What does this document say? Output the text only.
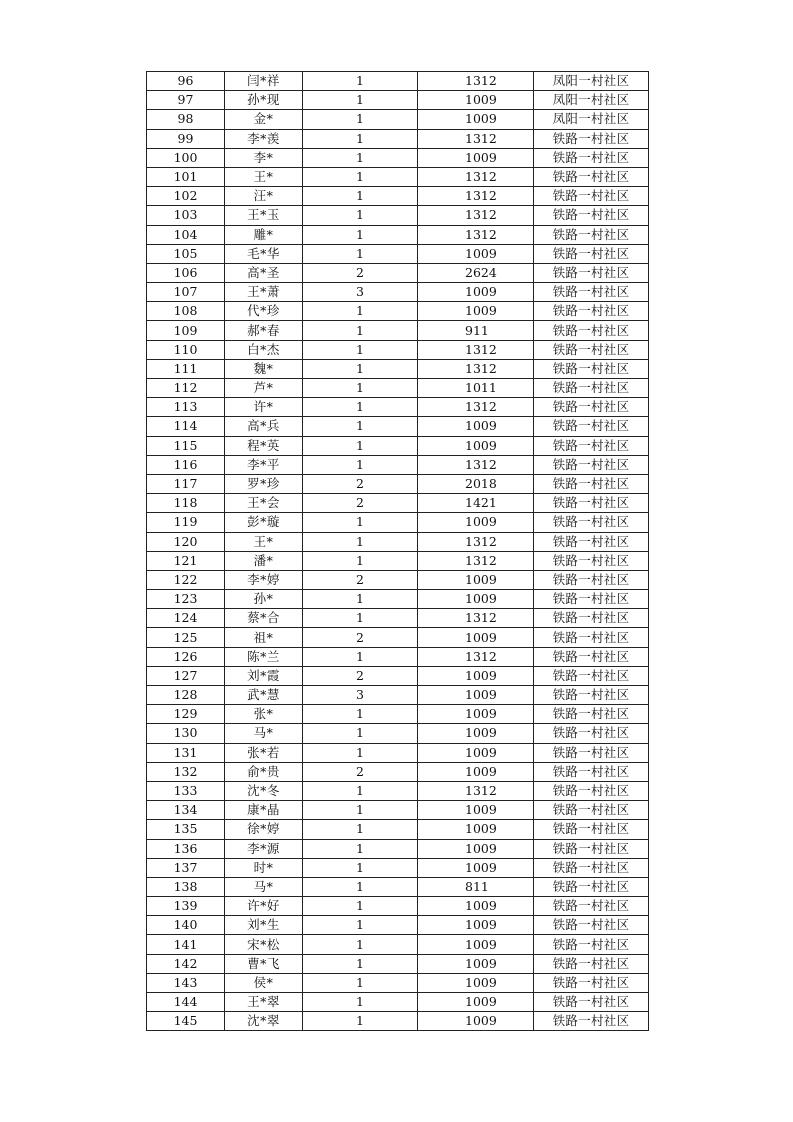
96	闫*祥	1	1312	凤阳一村社区
97	孙*现	1	1009	凤阳一村社区
98	金*	1	1009	凤阳一村社区
99	李*羡	1	1312	铁路一村社区
100	李*	1	1009	铁路一村社区
101	王*	1	1312	铁路一村社区
102	汪*	1	1312	铁路一村社区
103	王*玉	1	1312	铁路一村社区
104	雕*	1	1312	铁路一村社区
105	毛*华	1	1009	铁路一村社区
106	高*圣	2	2624	铁路一村社区
107	王*萧	3	1009	铁路一村社区
108	代*珍	1	1009	铁路一村社区
109	郝*春	1	911	铁路一村社区
110	白*杰	1	1312	铁路一村社区
111	魏*	1	1312	铁路一村社区
112	芦*	1	1011	铁路一村社区
113	许*	1	1312	铁路一村社区
114	高*兵	1	1009	铁路一村社区
115	程*英	1	1009	铁路一村社区
116	李*平	1	1312	铁路一村社区
117	罗*珍	2	2018	铁路一村社区
118	王*会	2	1421	铁路一村社区
119	彭*璇	1	1009	铁路一村社区
120	王*	1	1312	铁路一村社区
121	潘*	1	1312	铁路一村社区
122	李*婷	2	1009	铁路一村社区
123	孙*	1	1009	铁路一村社区
124	蔡*合	1	1312	铁路一村社区
125	祖*	2	1009	铁路一村社区
126	陈*兰	1	1312	铁路一村社区
127	刘*霞	2	1009	铁路一村社区
128	武*慧	3	1009	铁路一村社区
129	张*	1	1009	铁路一村社区
130	马*	1	1009	铁路一村社区
131	张*若	1	1009	铁路一村社区
132	俞*贵	2	1009	铁路一村社区
133	沈*冬	1	1312	铁路一村社区
134	康*晶	1	1009	铁路一村社区
135	徐*婷	1	1009	铁路一村社区
136	李*源	1	1009	铁路一村社区
137	时*	1	1009	铁路一村社区
138	马*	1	811	铁路一村社区
139	许*好	1	1009	铁路一村社区
140	刘*生	1	1009	铁路一村社区
141	宋*松	1	1009	铁路一村社区
142	曹*飞	1	1009	铁路一村社区
143	侯*	1	1009	铁路一村社区
144	王*翠	1	1009	铁路一村社区
145	沈*翠	1	1009	铁路一村社区
